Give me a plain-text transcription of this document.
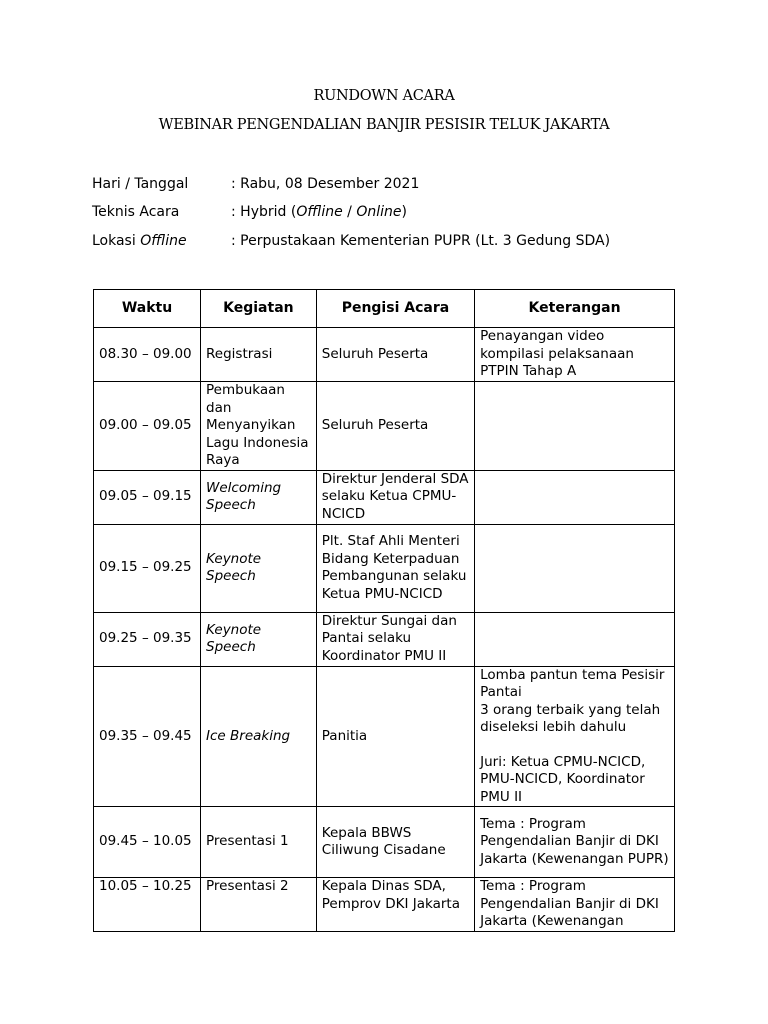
RUNDOWN ACARA
WEBINAR PENGENDALIAN BANJIR PESISIR TELUK JAKARTA
Hari / Tanggal	: Rabu, 08 Desember 2021
Teknis Acara	: Hybrid (Offline / Online)
Lokasi Offline	: Perpustakaan Kementerian PUPR (Lt. 3 Gedung SDA)
Waktu	Kegiatan	Pengisi Acara	Keterangan
08.30 – 09.00	Registrasi	Seluruh Peserta	Penayangan video kompilasi pelaksanaan PTPIN Tahap A
09.00 – 09.05	Pembukaan dan Menyanyikan Lagu Indonesia Raya	Seluruh Peserta	
09.05 – 09.15	Welcoming Speech	Direktur Jenderal SDA selaku Ketua CPMU-NCICD	
09.15 – 09.25	Keynote Speech	Plt. Staf Ahli Menteri Bidang Keterpaduan Pembangunan selaku Ketua PMU-NCICD	
09.25 – 09.35	Keynote Speech	Direktur Sungai dan Pantai selaku Koordinator PMU II	
09.35 – 09.45	Ice Breaking	Panitia	Lomba pantun tema Pesisir Pantai
3 orang terbaik yang telah diseleksi lebih dahulu
Juri: Ketua CPMU-NCICD, PMU-NCICD, Koordinator PMU II

09.45 – 10.05	Presentasi 1	Kepala BBWS Ciliwung Cisadane	Tema : Program Pengendalian Banjir di DKI Jakarta (Kewenangan PUPR)
10.05 – 10.25	Presentasi 2	Kepala Dinas SDA, Pemprov DKI Jakarta	Tema : Program Pengendalian Banjir di DKI Jakarta (Kewenangan
